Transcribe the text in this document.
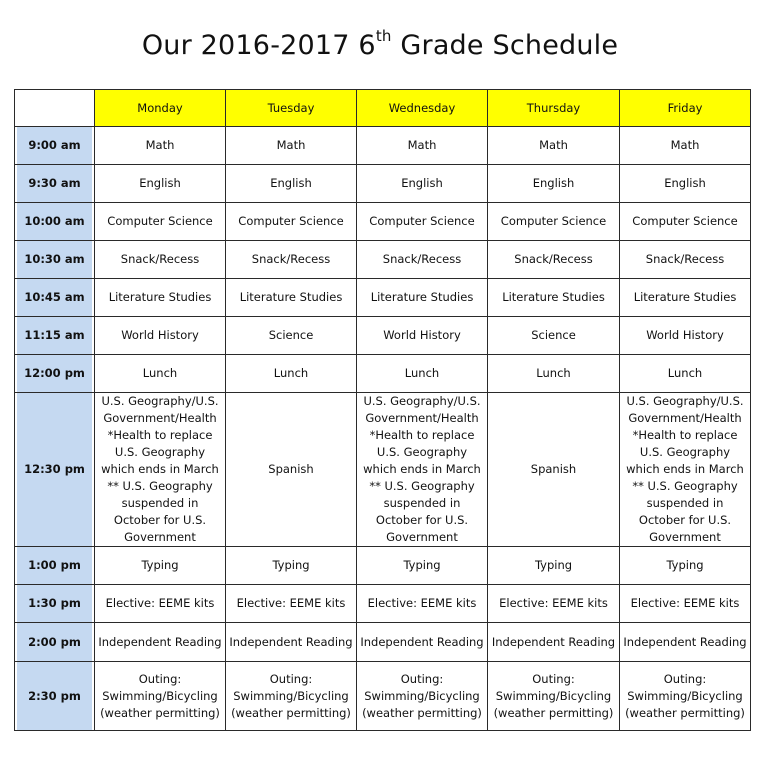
Our 2016-2017 6th Grade Schedule
	Monday	Tuesday	Wednesday	Thursday	Friday

9:00 am	Math	Math	Math	Math	Math

9:30 am	English	English	English	English	English

10:00 am	Computer Science	Computer Science	Computer Science	Computer Science	Computer Science

10:30 am	Snack/Recess	Snack/Recess	Snack/Recess	Snack/Recess	Snack/Recess

10:45 am	Literature Studies	Literature Studies	Literature Studies	Literature Studies	Literature Studies

11:15 am	World History	Science	World History	Science	World History

12:00 pm	Lunch	Lunch	Lunch	Lunch	Lunch

12:30 pm	U.S. Geography/U.S. Government/Health *Health to replace U.S. Geography which ends in March ** U.S. Geography suspended in October for U.S. Government	Spanish	U.S. Geography/U.S. Government/Health *Health to replace U.S. Geography which ends in March ** U.S. Geography suspended in October for U.S. Government	Spanish	U.S. Geography/U.S. Government/Health *Health to replace U.S. Geography which ends in March ** U.S. Geography suspended in October for U.S. Government

1:00 pm	Typing	Typing	Typing	Typing	Typing

1:30 pm	Elective: EEME kits	Elective: EEME kits	Elective: EEME kits	Elective: EEME kits	Elective: EEME kits

2:00 pm	Independent Reading	Independent Reading	Independent Reading	Independent Reading	Independent Reading

2:30 pm	Outing: Swimming/Bicycling (weather permitting)	Outing: Swimming/Bicycling (weather permitting)	Outing: Swimming/Bicycling (weather permitting)	Outing: Swimming/Bicycling (weather permitting)	Outing: Swimming/Bicycling (weather permitting)
